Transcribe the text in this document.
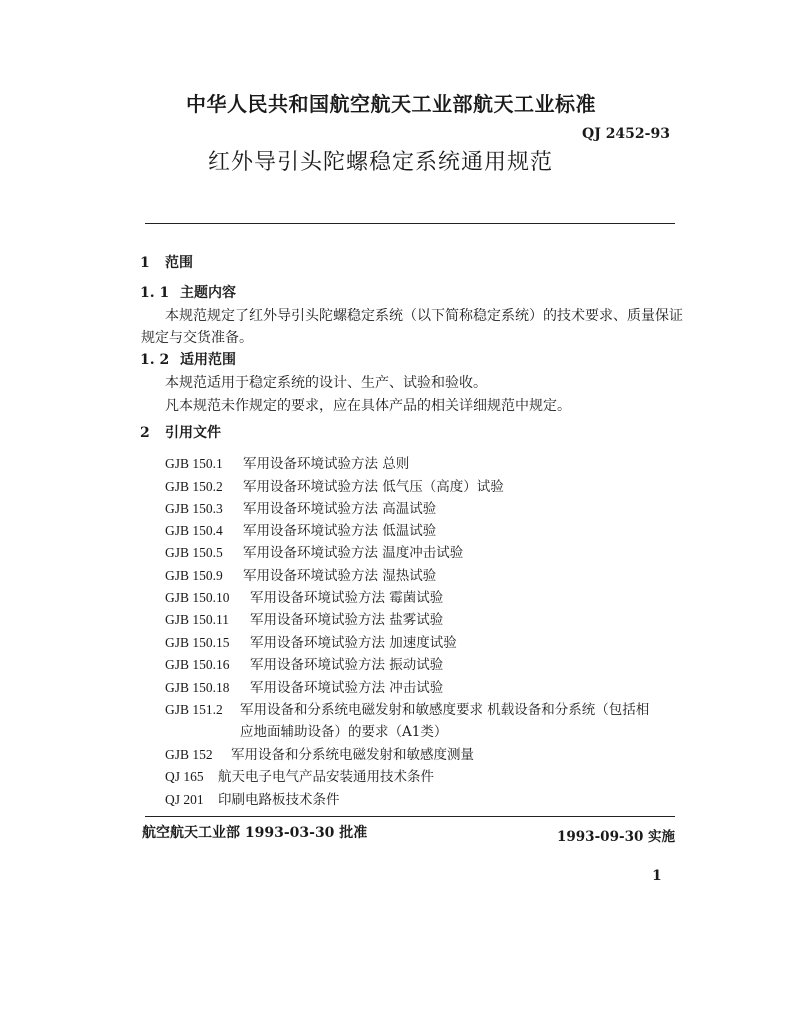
中华人民共和国航空航天工业部航天工业标准
QJ 2452-93
红外导引头陀螺稳定系统通用规范
1 范围
1. 1 主题内容
本规范规定了红外导引头陀螺稳定系统（以下简称稳定系统）的技术要求、质量保证
规定与交货准备。
1. 2 适用范围
本规范适用于稳定系统的设计、生产、试验和验收。
凡本规范未作规定的要求，应在具体产品的相关详细规范中规定。
2 引用文件
GJB 150.1 军用设备环境试验方法 总则
GJB 150.2 军用设备环境试验方法 低气压（高度）试验
GJB 150.3 军用设备环境试验方法 高温试验
GJB 150.4 军用设备环境试验方法 低温试验
GJB 150.5 军用设备环境试验方法 温度冲击试验
GJB 150.9 军用设备环境试验方法 湿热试验
GJB 150.10 军用设备环境试验方法 霉菌试验
GJB 150.11 军用设备环境试验方法 盐雾试验
GJB 150.15 军用设备环境试验方法 加速度试验
GJB 150.16 军用设备环境试验方法 振动试验
GJB 150.18 军用设备环境试验方法 冲击试验
GJB 151.2 军用设备和分系统电磁发射和敏感度要求 机载设备和分系统（包括相
应地面辅助设备）的要求（A1类）
GJB 152 军用设备和分系统电磁发射和敏感度测量
QJ 165 航天电子电气产品安装通用技术条件
QJ 201 印刷电路板技术条件
航空航天工业部 1993-03-30 批准	1993-09-30 实施
1
